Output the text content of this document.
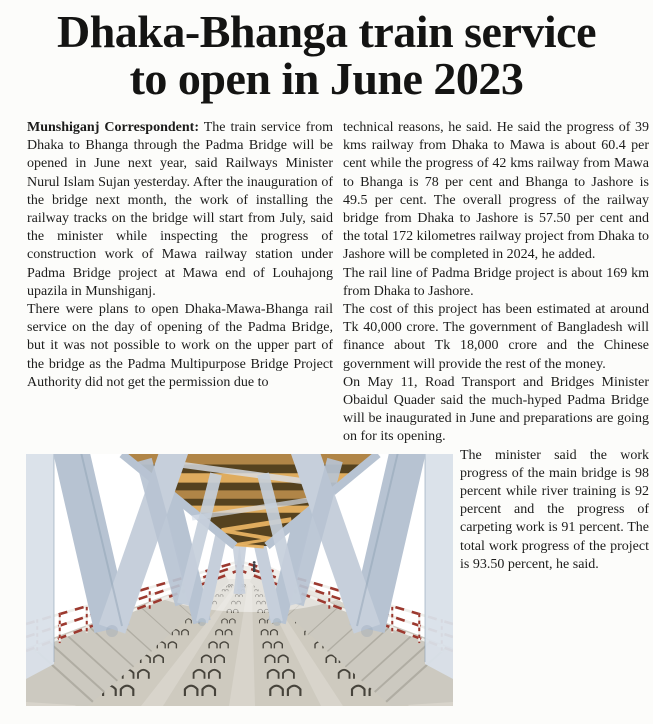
Dhaka-Bhanga train service
to open in June 2023

Munshiganj Correspondent: The train service from Dhaka to Bhanga through the Padma Bridge will be opened in June next year, said Railways Minister Nurul Islam Sujan yesterday. After the inauguration of the bridge next month, the work of installing the railway tracks on the bridge will start from July, said the minister while inspecting the progress of construction work of Mawa railway station under Padma Bridge project at Mawa end of Louhajong upazila in Munshiganj.

There were plans to open Dhaka-Mawa-Bhanga rail service on the day of opening of the Padma Bridge, but it was not possible to work on the upper part of the bridge as the Padma Multipurpose Bridge Project Authority did not get the permission due to

technical reasons, he said. He said the progress of 39 kms railway from Dhaka to Mawa is about 60.4 per cent while the progress of 42 kms railway from Mawa to Bhanga is 78 per cent and Bhanga to Jashore is 49.5 per cent. The overall progress of the railway bridge from Dhaka to Jashore is 57.50 per cent and the total 172 kilometres railway project from Dhaka to Jashore will be completed in 2024, he added.

The rail line of Padma Bridge project is about 169 km from Dhaka to Jashore.

The cost of this project has been estimated at around Tk 40,000 crore. The government of Bangladesh will finance about Tk 18,000 crore and the Chinese government will provide the rest of the money.

On May 11, Road Transport and Bridges Minister Obaidul Quader said the much-hyped Padma Bridge will be inaugurated in June and preparations are going on for its opening.

The minister said the work progress of the main bridge is 98 percent while river training is 92 percent and the progress of carpeting work is 91 percent. The total work progress of the project is 93.50 percent, he said.
